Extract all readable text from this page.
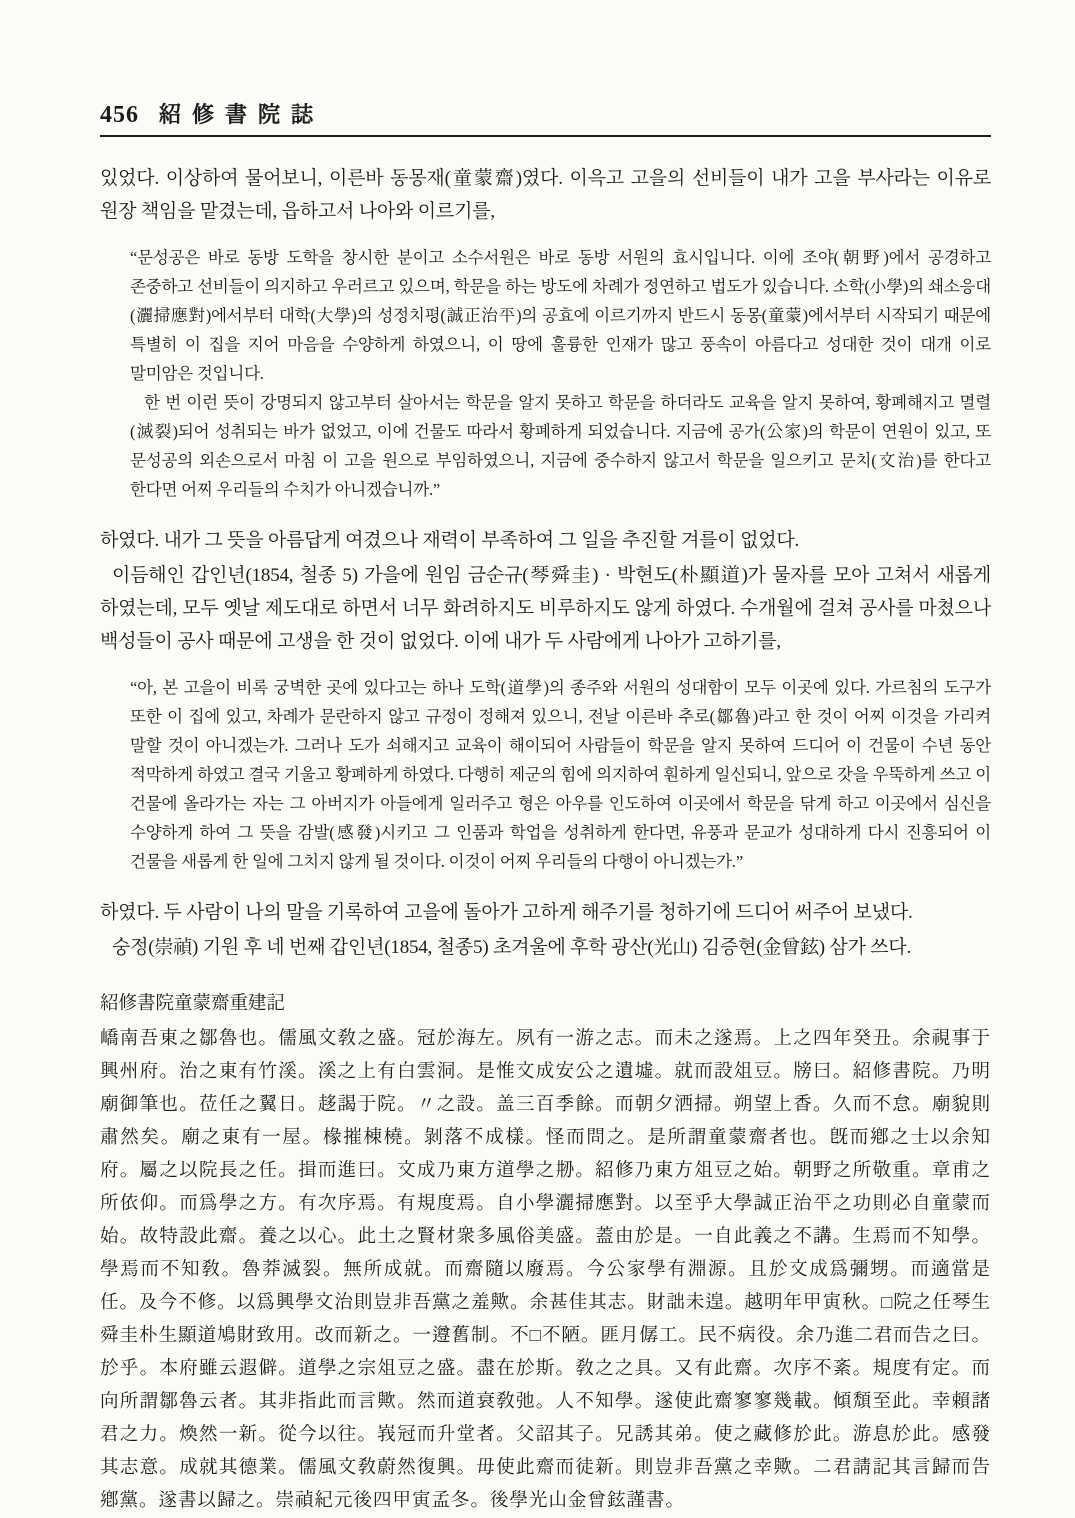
456 紹修書院誌

있었다. 이상하여 물어보니, 이른바 동몽재(童蒙齋)였다. 이윽고 고을의 선비들이 내가 고을 부사라는 이유로 원장 책임을 맡겼는데, 읍하고서 나아와 이르기를,

“문성공은 바로 동방 도학을 창시한 분이고 소수서원은 바로 동방 서원의 효시입니다. 이에 조야(朝野)에서 공경하고 존중하고 선비들이 의지하고 우러르고 있으며, 학문을 하는 방도에 차례가 정연하고 법도가 있습니다. 소학(小學)의 쇄소응대(灑掃應對)에서부터 대학(大學)의 성정치평(誠正治平)의 공효에 이르기까지 반드시 동몽(童蒙)에서부터 시작되기 때문에 특별히 이 집을 지어 마음을 수양하게 하였으니, 이 땅에 훌륭한 인재가 많고 풍속이 아름다고 성대한 것이 대개 이로 말미암은 것입니다.

한 번 이런 뜻이 강명되지 않고부터 살아서는 학문을 알지 못하고 학문을 하더라도 교육을 알지 못하여, 황폐해지고 멸렬(滅裂)되어 성취되는 바가 없었고, 이에 건물도 따라서 황폐하게 되었습니다. 지금에 공가(公家)의 학문이 연원이 있고, 또 문성공의 외손으로서 마침 이 고을 원으로 부임하였으니, 지금에 중수하지 않고서 학문을 일으키고 문치(文治)를 한다고 한다면 어찌 우리들의 수치가 아니겠습니까.”

하였다. 내가 그 뜻을 아름답게 여겼으나 재력이 부족하여 그 일을 추진할 겨를이 없었다.

이듬해인 갑인년(1854, 철종 5) 가을에 원임 금순규(琴舜圭) · 박현도(朴顯道)가 물자를 모아 고쳐서 새롭게 하였는데, 모두 옛날 제도대로 하면서 너무 화려하지도 비루하지도 않게 하였다. 수개월에 걸쳐 공사를 마쳤으나 백성들이 공사 때문에 고생을 한 것이 없었다. 이에 내가 두 사람에게 나아가 고하기를,

“아, 본 고을이 비록 궁벽한 곳에 있다고는 하나 도학(道學)의 종주와 서원의 성대함이 모두 이곳에 있다. 가르침의 도구가 또한 이 집에 있고, 차례가 문란하지 않고 규정이 정해져 있으니, 전날 이른바 추로(鄒魯)라고 한 것이 어찌 이것을 가리켜 말할 것이 아니겠는가. 그러나 도가 쇠해지고 교육이 해이되어 사람들이 학문을 알지 못하여 드디어 이 건물이 수년 동안 적막하게 하였고 결국 기울고 황폐하게 하였다. 다행히 제군의 힘에 의지하여 훤하게 일신되니, 앞으로 갓을 우뚝하게 쓰고 이 건물에 올라가는 자는 그 아버지가 아들에게 일러주고 형은 아우를 인도하여 이곳에서 학문을 닦게 하고 이곳에서 심신을 수양하게 하여 그 뜻을 감발(感發)시키고 그 인품과 학업을 성취하게 한다면, 유풍과 문교가 성대하게 다시 진흥되어 이 건물을 새롭게 한 일에 그치지 않게 될 것이다. 이것이 어찌 우리들의 다행이 아니겠는가.”

하였다. 두 사람이 나의 말을 기록하여 고을에 돌아가 고하게 해주기를 청하기에 드디어 써주어 보냈다.

숭정(崇禎) 기원 후 네 번째 갑인년(1854, 철종5) 초겨울에 후학 광산(光山) 김증현(金曾鉉) 삼가 쓰다.

紹修書院童蒙齋重建記

嶠南吾東之鄒魯也。儒風文敎之盛。冠於海左。夙有一游之志。而未之遂焉。上之四年癸丑。余視事于興州府。治之東有竹溪。溪之上有白雲洞。是惟文成安公之遺墟。就而設俎豆。牓曰。紹修書院。乃明廟御筆也。莅任之翼日。趍謁于院。〃之設。盖三百季餘。而朝夕洒掃。朔望上香。久而不怠。廟貌則肅然矣。廟之東有一屋。椽摧棟橈。剝落不成樣。怪而問之。是所謂童蒙齋者也。旣而鄕之士以余知府。屬之以院長之任。揖而進曰。文成乃東方道學之刱。紹修乃東方俎豆之始。朝野之所敬重。章甫之所依仰。而爲學之方。有次序焉。有規度焉。自小學灑掃應對。以至乎大學誠正治平之功則必自童蒙而始。故特設此齋。養之以心。此土之賢材衆多風俗美盛。蓋由於是。一自此義之不講。生焉而不知學。學焉而不知敎。魯莽滅裂。無所成就。而齋隨以廢焉。今公家學有淵源。且於文成爲彌甥。而適當是任。及今不修。以爲興學文治則豈非吾黨之羞歟。余甚佳其志。財詘未遑。越明年甲寅秋。□院之任琴生舜圭朴生顯道鳩財致用。改而新之。一遵舊制。不□不陋。匪月僝工。民不病役。余乃進二君而告之曰。於乎。本府雖云遐僻。道學之宗俎豆之盛。盡在於斯。敎之之具。又有此齋。次序不紊。規度有定。而向所謂鄒魯云者。其非指此而言歟。然而道衰敎弛。人不知學。遂使此齋寥寥幾載。傾頹至此。幸賴諸君之力。煥然一新。從今以往。峩冠而升堂者。父詔其子。兄誘其弟。使之藏修於此。游息於此。感發其志意。成就其德業。儒風文敎蔚然復興。毋使此齋而徒新。則豈非吾黨之幸歟。二君請記其言歸而告鄕黨。遂書以歸之。崇禎紀元後四甲寅孟冬。後學光山金曾鉉謹書。
